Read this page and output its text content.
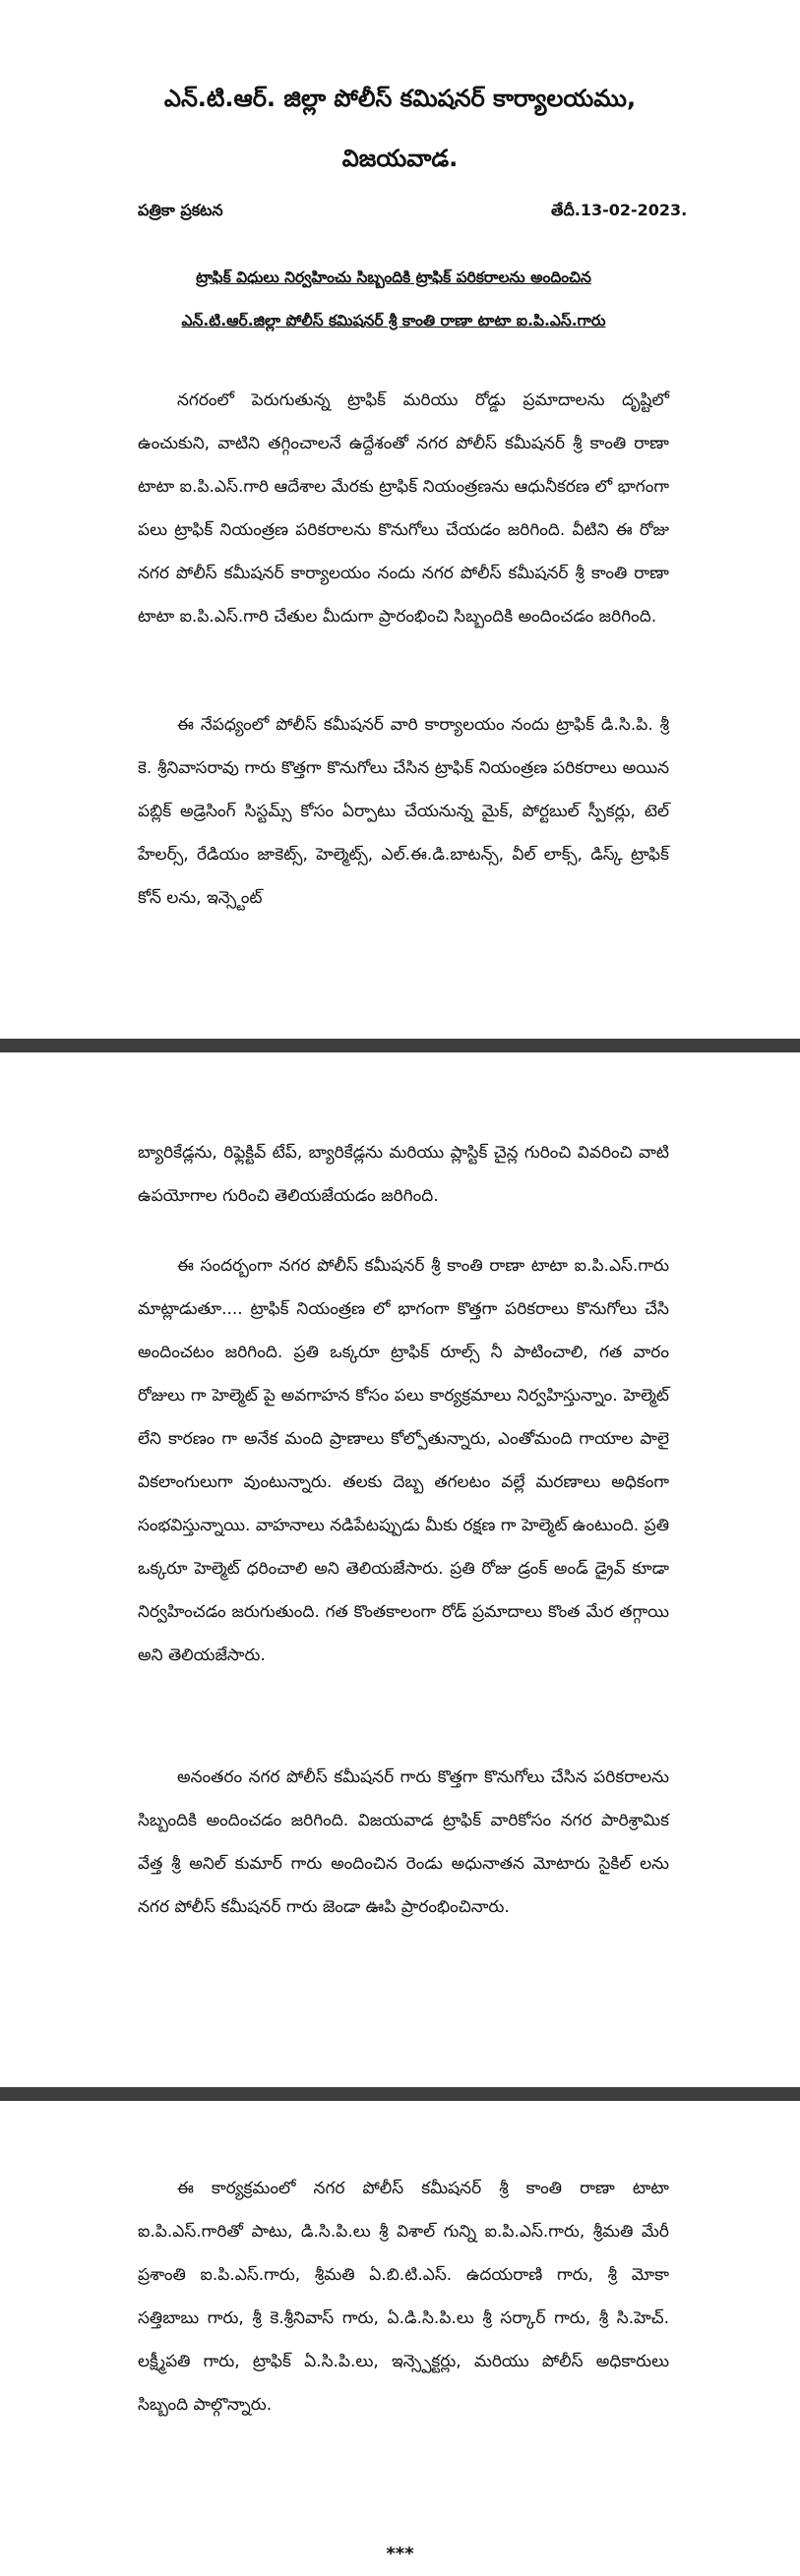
ఎన్.టి.ఆర్. జిల్లా పోలీస్ కమిషనర్ కార్యాలయము,
విజయవాడ.
పత్రికా ప్రకటన	తేదీ.13-02-2023.
ట్రాఫిక్ విధులు నిర్వహించు సిబ్బందికి ట్రాఫిక్ పరికరాలను అందించిన
ఎన్.టి.ఆర్.జిల్లా పోలీస్ కమిషనర్ శ్రీ కాంతి రాణా టాటా ఐ.పి.ఎస్.గారు
నగరంలో పెరుగుతున్న ట్రాఫిక్ మరియు రోడ్డు ప్రమాదాలను దృష్టిలో ఉంచుకుని, వాటిని తగ్గించాలనే ఉద్దేశంతో నగర పోలీస్ కమీషనర్ శ్రీ కాంతి రాణా టాటా ఐ.పి.ఎస్.గారి ఆదేశాల మేరకు ట్రాఫిక్ నియంత్రణను ఆధునీకరణ లో భాగంగా పలు ట్రాఫిక్ నియంత్రణ పరికరాలను కొనుగోలు చేయడం జరిగింది. వీటిని ఈ రోజు నగర పోలీస్ కమీషనర్ కార్యాలయం నందు నగర పోలీస్ కమీషనర్ శ్రీ కాంతి రాణా టాటా ఐ.పి.ఎస్.గారి చేతుల మీదుగా ప్రారంభించి సిబ్బందికి అందించడం జరిగింది.
ఈ నేపధ్యంలో పోలీస్ కమీషనర్ వారి కార్యాలయం నందు ట్రాఫిక్ డి.సి.పి. శ్రీ కె. శ్రీనివాసరావు గారు కొత్తగా కొనుగోలు చేసిన ట్రాఫిక్ నియంత్రణ పరికరాలు అయిన పబ్లిక్ అడ్రెసింగ్ సిస్టమ్స్ కోసం ఏర్పాటు చేయనున్న మైక్, పోర్టబుల్ స్పీకర్లు, టెల్ హేలర్స్, రేడియం జాకెట్స్, హెల్మెట్స్, ఎల్.ఈ.డి.బాటన్స్, వీల్ లాక్స్, డిస్క్ ట్రాఫిక్ కోన్ లను, ఇన్స్టెంట్
బ్యారికేడ్లను, రిఫ్లెక్టివ్ టేప్, బ్యారికేడ్లను మరియు ప్లాస్టిక్ చైన్ల గురించి వివరించి వాటి ఉపయోగాల గురించి తెలియజేయడం జరిగింది.
ఈ సందర్బంగా నగర పోలీస్ కమీషనర్ శ్రీ కాంతి రాణా టాటా ఐ.పి.ఎస్.గారు మాట్లాడుతూ.... ట్రాఫిక్ నియంత్రణ లో భాగంగా కొత్తగా పరికరాలు కొనుగోలు చేసి అందించటం జరిగింది. ప్రతి ఒక్కరూ ట్రాఫిక్ రూల్స్ నీ పాటించాలి, గత వారం రోజులు గా హెల్మెట్ పై అవగాహన కోసం పలు కార్యక్రమాలు నిర్వహిస్తున్నాం. హెల్మెట్ లేని కారణం గా అనేక మంది ప్రాణాలు కోల్పోతున్నారు, ఎంతోమంది గాయాల పాలై వికలాంగులుగా వుంటున్నారు. తలకు దెబ్బ తగలటం వల్లే మరణాలు అధికంగా సంభవిస్తున్నాయి. వాహనాలు నడిపేటప్పుడు మీకు రక్షణ గా హెల్మెట్ ఉంటుంది. ప్రతి ఒక్కరూ హెల్మెట్ ధరించాలి అని తెలియజేసారు. ప్రతి రోజు డ్రంక్ అండ్ డ్రైవ్ కూడా నిర్వహించడం జరుగుతుంది. గత కొంతకాలంగా రోడ్ ప్రమాదాలు కొంత మేర తగ్గాయి అని తెలియజేసారు.
అనంతరం నగర పోలీస్ కమీషనర్ గారు కొత్తగా కొనుగోలు చేసిన పరికరాలను సిబ్బందికి అందించడం జరిగింది. విజయవాడ ట్రాఫిక్ వారికోసం నగర పారిశ్రామిక వేత్త శ్రీ అనిల్ కుమార్ గారు అందించిన రెండు అధునాతన మోటారు సైకిల్ లను నగర పోలీస్ కమీషనర్ గారు జెండా ఊపి ప్రారంభించినారు.
ఈ కార్యక్రమంలో నగర పోలీస్ కమీషనర్ శ్రీ కాంతి రాణా టాటా ఐ.పి.ఎస్.గారితో పాటు, డి.సి.పి.లు శ్రీ విశాల్ గున్ని ఐ.పి.ఎస్.గారు, శ్రీమతి మేరీ ప్రశాంతి ఐ.పి.ఎస్.గారు, శ్రీమతి ఏ.బి.టి.ఎస్. ఉదయరాణి గారు, శ్రీ మోకా సత్తిబాబు గారు, శ్రీ కె.శ్రీనివాస్ గారు, ఏ.డి.సి.పి.లు శ్రీ సర్కార్ గారు, శ్రీ సి.హెచ్. లక్ష్మీపతి గారు, ట్రాఫిక్ ఏ.సి.పి.లు, ఇన్స్పెక్టర్లు, మరియు పోలీస్ అధికారులు సిబ్బంది పాల్గొన్నారు.
***
